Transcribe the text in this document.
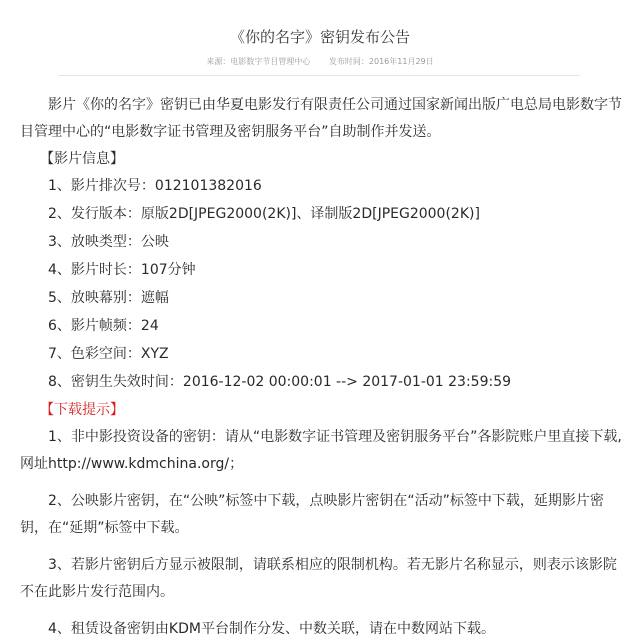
《你的名字》密钥发布公告
来源：电影数字节目管理中心 发布时间：2016年11月29日

影片《你的名字》密钥已由华夏电影发行有限责任公司通过国家新闻出版广电总局电影数字节目管理中心的“电影数字证书管理及密钥服务平台”自助制作并发送。

【影片信息】

1、影片排次号：012101382016

2、发行版本：原版2D[JPEG2000(2K)]、译制版2D[JPEG2000(2K)]

3、放映类型：公映

4、影片时长：107分钟

5、放映幕别：遮幅

6、影片帧频：24

7、色彩空间：XYZ

8、密钥生失效时间：2016-12-02 00:00:01 --> 2017-01-01 23:59:59

【下载提示】

1、非中影投资设备的密钥：请从“电影数字证书管理及密钥服务平台”各影院账户里直接下载,网址http://www.kdmchina.org/；

2、公映影片密钥，在“公映”标签中下载，点映影片密钥在“活动”标签中下载，延期影片密钥，在“延期”标签中下载。

3、若影片密钥后方显示被限制，请联系相应的限制机构。若无影片名称显示，则表示该影院不在此影片发行范围内。

4、租赁设备密钥由KDM平台制作分发、中数关联，请在中数网站下载。
